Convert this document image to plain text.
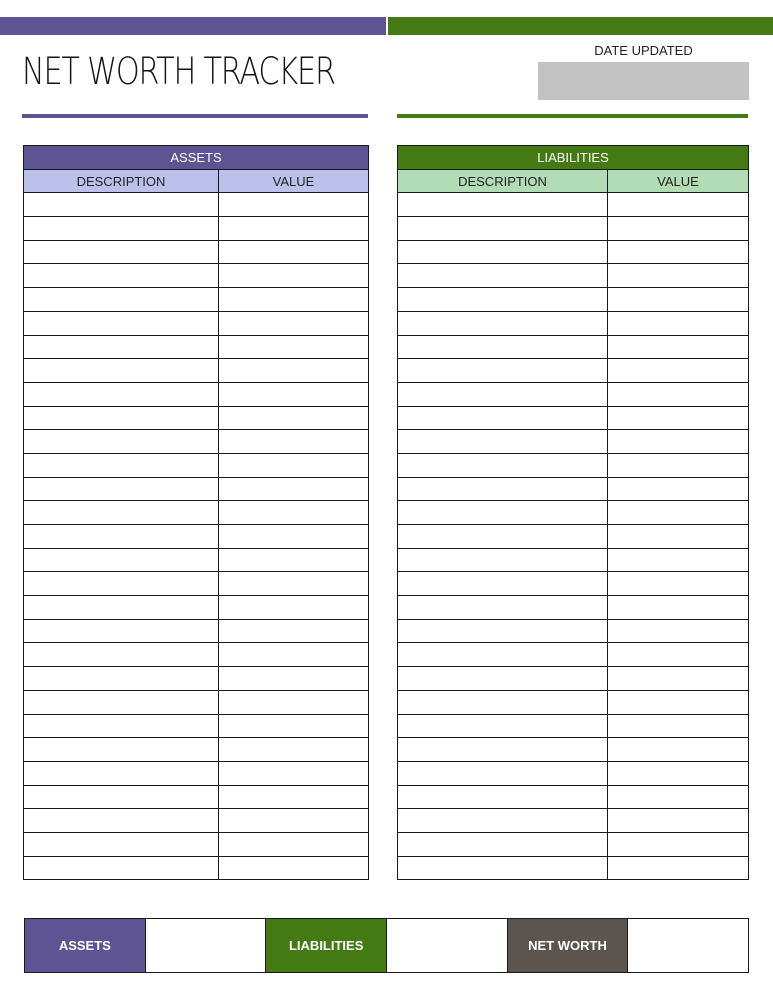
NET WORTH TRACKER	DATE UPDATED
ASSETS	
DESCRIPTION	VALUE

LIABILITIES	
DESCRIPTION	VALUE

ASSETS	LIABILITIES	NET WORTH
